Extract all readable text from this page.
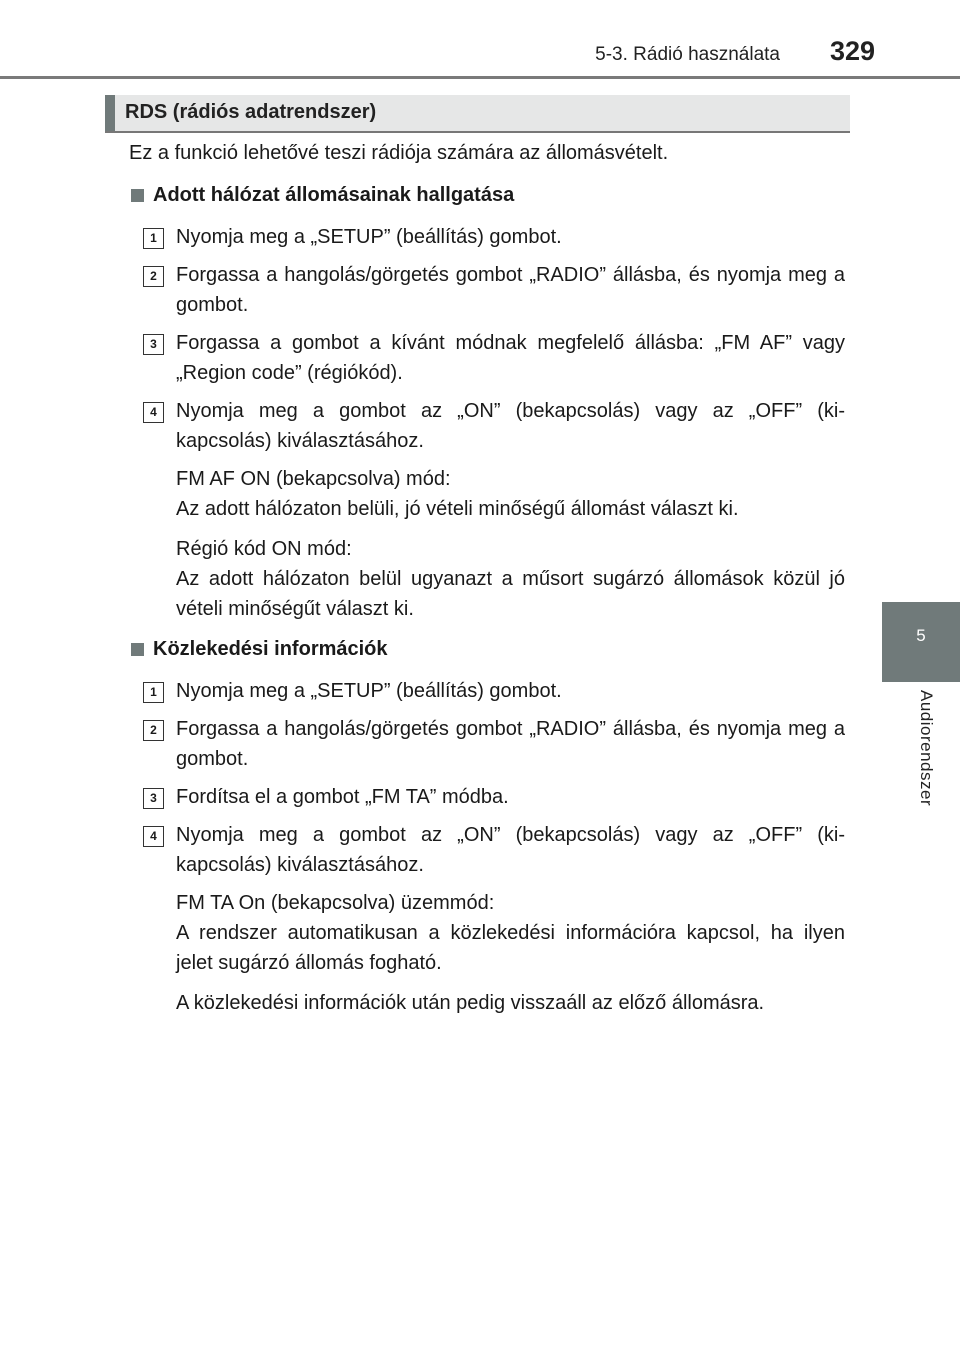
5-3. Rádió használata 329
5
Audiorendszer
RDS (rádiós adatrendszer)

Ez a funkció lehetővé teszi rádiója számára az állomásvételt.

Adott hálózat állomásainak hallgatása
1 Nyomja meg a „SETUP” (beállítás) gombot.
2 Forgassa a hangolás/görgetés gombot „RADIO” állásba, és nyomja meg a gombot.
3 Forgassa a gombot a kívánt módnak megfelelő állásba: „FM AF” vagy „Region code” (régiókód).
4 Nyomja meg a gombot az „ON” (bekapcsolás) vagy az „OFF” (ki-kapcsolás) kiválasztásához.
FM AF ON (bekapcsolva) mód:
Az adott hálózaton belüli, jó vételi minőségű állomást választ ki.
Régió kód ON mód:
Az adott hálózaton belül ugyanazt a műsort sugárzó állomások közül jó vételi minőségűt választ ki.
Közlekedési információk
1 Nyomja meg a „SETUP” (beállítás) gombot.
2 Forgassa a hangolás/görgetés gombot „RADIO” állásba, és nyomja meg a gombot.
3 Fordítsa el a gombot „FM TA” módba.
4 Nyomja meg a gombot az „ON” (bekapcsolás) vagy az „OFF” (ki-kapcsolás) kiválasztásához.
FM TA On (bekapcsolva) üzemmód:
A rendszer automatikusan a közlekedési információra kapcsol, ha ilyen jelet sugárzó állomás fogható.
A közlekedési információk után pedig visszaáll az előző állomásra.
